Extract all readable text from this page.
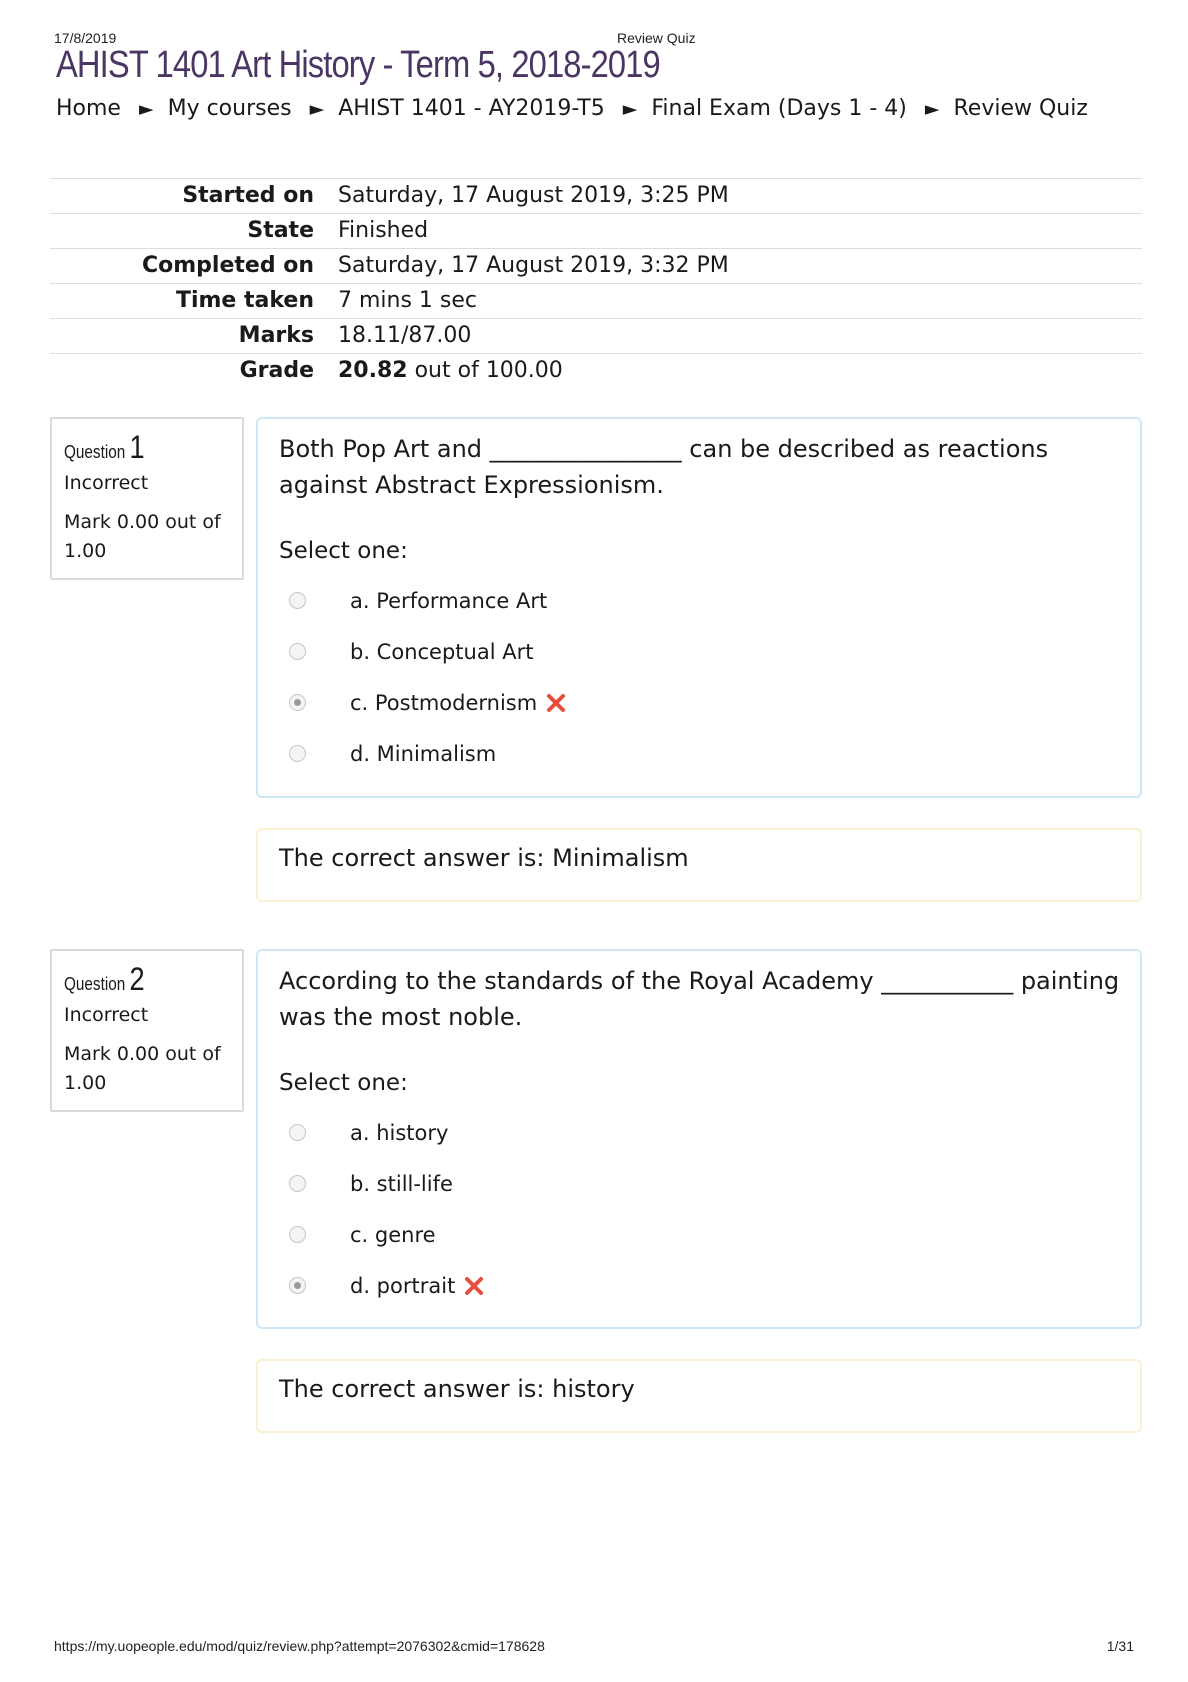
17/8/2019	Review Quiz
AHIST 1401 Art History - Term 5, 2018-2019
Home ► My courses ► AHIST 1401 - AY2019-T5 ► Final Exam (Days 1 - 4) ► Review Quiz
Started on	Saturday, 17 August 2019, 3:25 PM
State	Finished
Completed on	Saturday, 17 August 2019, 3:32 PM
Time taken	7 mins 1 sec
Marks	18.11/87.00
Grade	20.82 out of 100.00
Question 1
Incorrect
Mark 0.00 out of 1.00
Both Pop Art and ________________ can be described as reactions against Abstract Expressionism.
Select one:
a. Performance Art
b. Conceptual Art
c. Postmodernism
d. Minimalism
The correct answer is: Minimalism
Question 2
Incorrect
Mark 0.00 out of 1.00
According to the standards of the Royal Academy ___________ painting was the most noble.
Select one:
a. history
b. still-life
c. genre
d. portrait
The correct answer is: history
https://my.uopeople.edu/mod/quiz/review.php?attempt=2076302&cmid=178628	1/31
